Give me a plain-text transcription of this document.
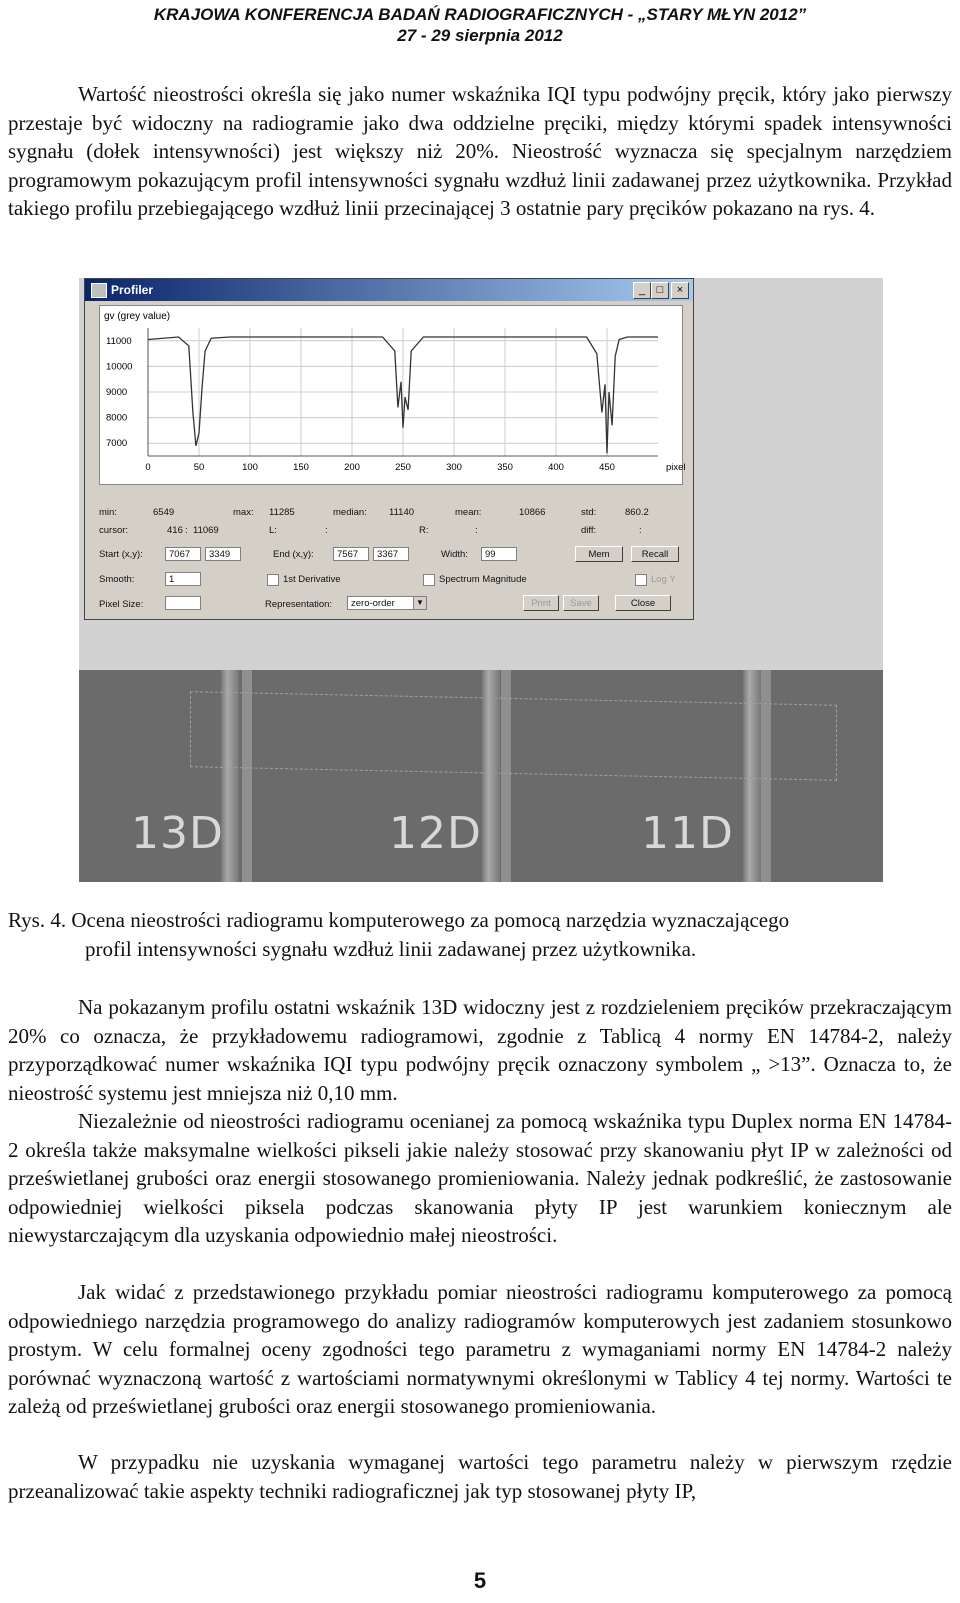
KRAJOWA KONFERENCJA BADAŃ RADIOGRAFICZNYCH - „STARY MŁYN 2012”
27 - 29 sierpnia 2012

Wartość nieostrości określa się jako numer wskaźnika IQI typu podwójny pręcik, który jako pierwszy przestaje być widoczny na radiogramie jako dwa oddzielne pręciki, między którymi spadek intensywności sygnału (dołek intensywności) jest większy niż 20%. Nieostrość wyznacza się specjalnym narzędziem programowym pokazującym profil intensywności sygnału wzdłuż linii zadawanej przez użytkownika. Przykład takiego profilu przebiegającego wzdłuż linii przecinającej 3 ostatnie pary pręcików pokazano na rys. 4.

13D	12D	11D
Profiler	_	□	×
gv (grey value)
11000
10000
9000
8000
7000
0	50	100	150	200	250	300	350	400	450	pixel
min:	6549	max: 11285	median: 11140	mean:	10866	std:	860.2
cursor:	416 : 11069	L:	:	R:	:	diff:	:
Start (x,y):	7067	3349	End (x,y):	7567	3367	Width:	99	Mem	Recall
Smooth:	1	1st Derivative	Spectrum Magnitude	Log Y
Pixel Size:	Representation:	zero-order	▼	Print	Save	Close
Rys. 4. Ocena nieostrości radiogramu komputerowego za pomocą narzędzia wyznaczającego
profil intensywności sygnału wzdłuż linii zadawanej przez użytkownika.

Na pokazanym profilu ostatni wskaźnik 13D widoczny jest z rozdzieleniem pręcików przekraczającym 20% co oznacza, że przykładowemu radiogramowi, zgodnie z Tablicą 4 normy EN 14784-2, należy przyporządkować numer wskaźnika IQI typu podwójny pręcik oznaczony symbolem „ >13”. Oznacza to, że nieostrość systemu jest mniejsza niż 0,10 mm.

Niezależnie od nieostrości radiogramu ocenianej za pomocą wskaźnika typu Duplex norma EN 14784-2 określa także maksymalne wielkości pikseli jakie należy stosować przy skanowaniu płyt IP w zależności od prześwietlanej grubości oraz energii stosowanego promieniowania. Należy jednak podkreślić, że zastosowanie odpowiedniej wielkości piksela podczas skanowania płyty IP jest warunkiem koniecznym ale niewystarczającym dla uzyskania odpowiednio małej nieostrości.

Jak widać z przedstawionego przykładu pomiar nieostrości radiogramu komputerowego za pomocą odpowiedniego narzędzia programowego do analizy radiogramów komputerowych jest zadaniem stosunkowo prostym. W celu formalnej oceny zgodności tego parametru z wymaganiami normy EN 14784-2 należy porównać wyznaczoną wartość z wartościami normatywnymi określonymi w Tablicy 4 tej normy. Wartości te zależą od prześwietlanej grubości oraz energii stosowanego promieniowania.

W przypadku nie uzyskania wymaganej wartości tego parametru należy w pierwszym rzędzie przeanalizować takie aspekty techniki radiograficznej jak typ stosowanej płyty IP,

5
